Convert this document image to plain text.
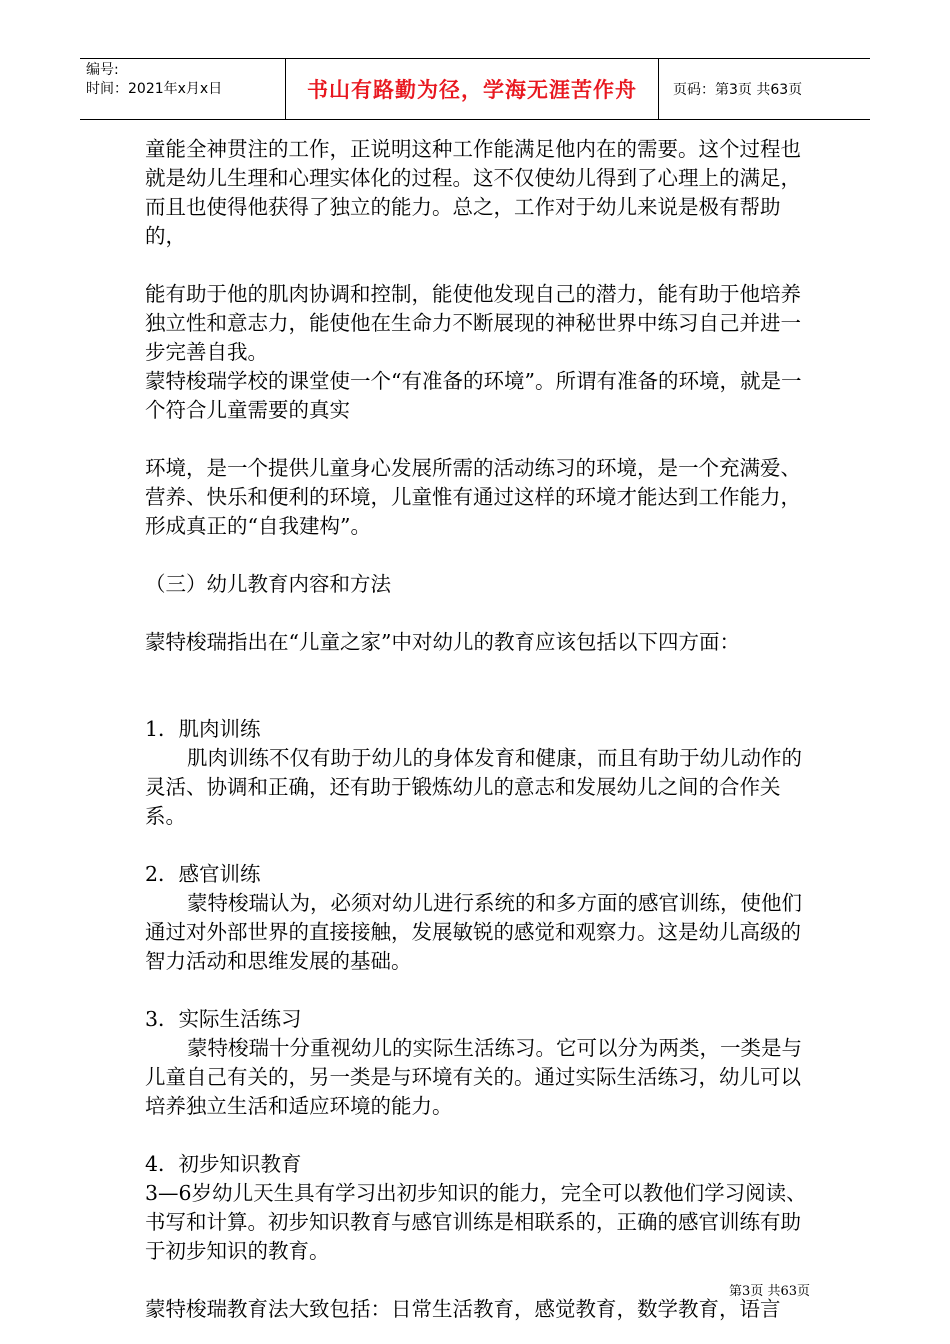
编号:
时间：2021年x月x日	书山有路勤为径，学海无涯苦作舟	页码：第3页 共63页

童能全神贯注的工作，正说明这种工作能满足他内在的需要。这个过程也就是幼儿生理和心理实体化的过程。这不仅使幼儿得到了心理上的满足，而且也使得他获得了独立的能力。总之，工作对于幼儿来说是极有帮助的，

能有助于他的肌肉协调和控制，能使他发现自己的潜力，能有助于他培养独立性和意志力，能使他在生命力不断展现的神秘世界中练习自己并进一步完善自我。

蒙特梭瑞学校的课堂使一个“有准备的环境”。所谓有准备的环境，就是一个符合儿童需要的真实

环境，是一个提供儿童身心发展所需的活动练习的环境，是一个充满爱、营养、快乐和便利的环境，儿童惟有通过这样的环境才能达到工作能力，形成真正的“自我建构”。

（三）幼儿教育内容和方法

蒙特梭瑞指出在“儿童之家”中对幼儿的教育应该包括以下四方面：

1．肌肉训练

肌肉训练不仅有助于幼儿的身体发育和健康，而且有助于幼儿动作的灵活、协调和正确，还有助于锻炼幼儿的意志和发展幼儿之间的合作关系。

2．感官训练

蒙特梭瑞认为，必须对幼儿进行系统的和多方面的感官训练，使他们通过对外部世界的直接接触，发展敏锐的感觉和观察力。这是幼儿高级的智力活动和思维发展的基础。

3．实际生活练习

蒙特梭瑞十分重视幼儿的实际生活练习。它可以分为两类，一类是与儿童自己有关的，另一类是与环境有关的。通过实际生活练习，幼儿可以培养独立生活和适应环境的能力。

4．初步知识教育

3—6岁幼儿天生具有学习出初步知识的能力，完全可以教他们学习阅读、书写和计算。初步知识教育与感官训练是相联系的，正确的感官训练有助于初步知识的教育。

蒙特梭瑞教育法大致包括：日常生活教育，感觉教育，数学教育，语言

第3页 共63页
